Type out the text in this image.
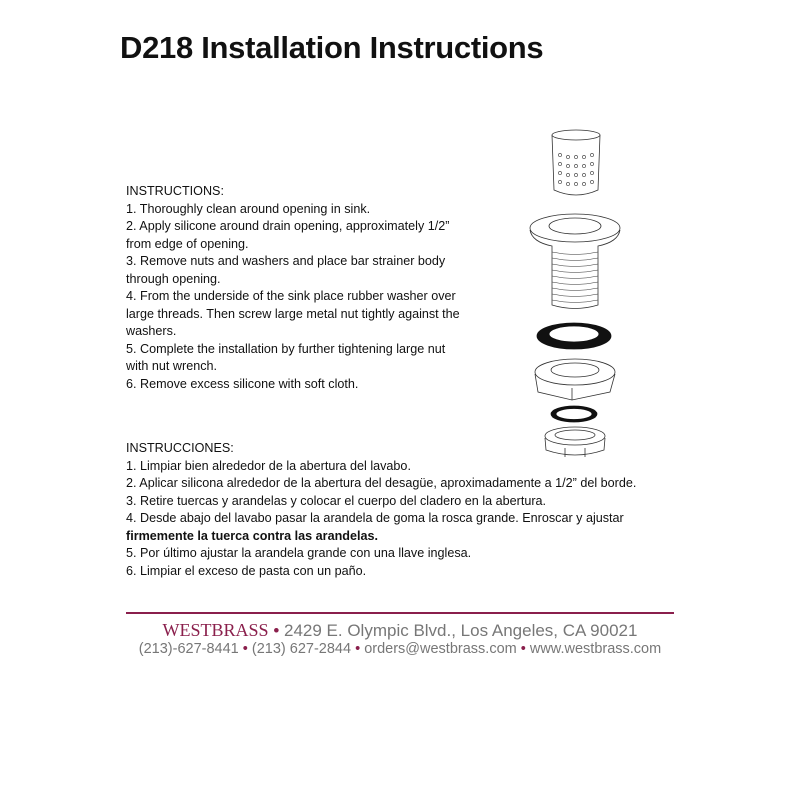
D218 Installation Instructions
INSTRUCTIONS:
1. Thoroughly clean around opening in sink.
2. Apply silicone around drain opening, approximately 1/2”
from edge of opening.
3. Remove nuts and washers and place bar strainer body
through opening.
4. From the underside of the sink place rubber washer over
large threads. Then screw large metal nut tightly against the
washers.
5. Complete the installation by further tightening large nut
with nut wrench.
6. Remove excess silicone with soft cloth.
INSTRUCCIONES:
1. Limpiar bien alrededor de la abertura del lavabo.
2. Aplicar silicona alrededor de la abertura del desagüe, aproximadamente a 1/2” del borde.
3. Retire tuercas y arandelas y colocar el cuerpo del cladero en la abertura.
4. Desde abajo del lavabo pasar la arandela de goma la rosca grande. Enroscar y ajustar
firmemente la tuerca contra las arandelas.
5. Por último ajustar la arandela grande con una llave inglesa.
6. Limpiar el exceso de pasta con un paño.
WESTBRASS • 2429 E. Olympic Blvd., Los Angeles, CA 90021
(213)-627-8441 • (213) 627-2844 • orders@westbrass.com • www.westbrass.com
